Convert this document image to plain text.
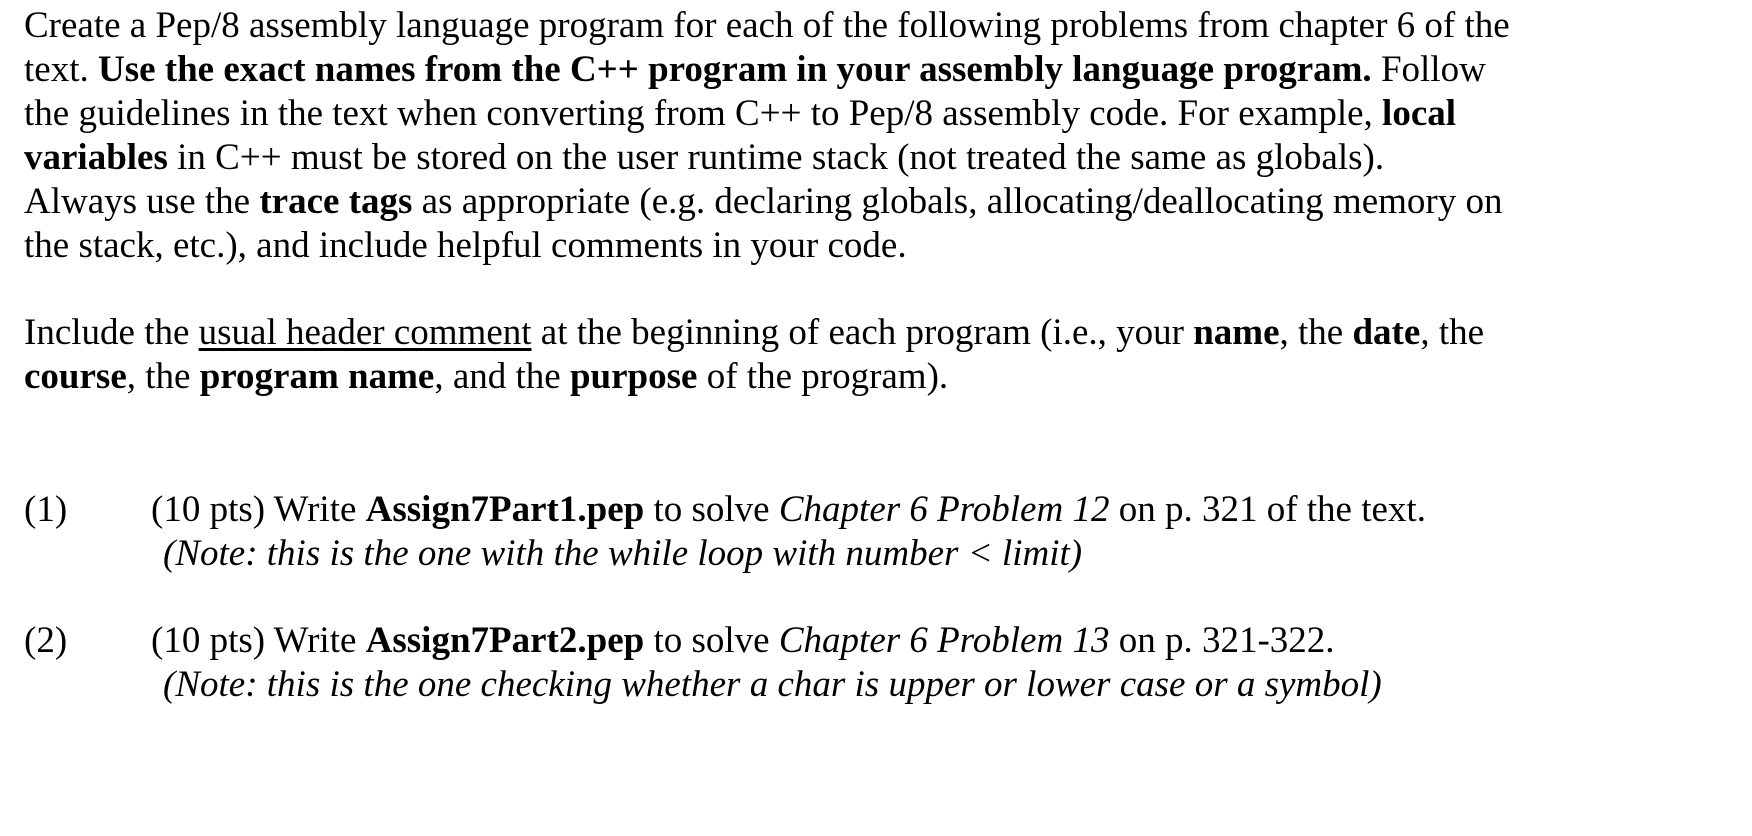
Create a Pep/8 assembly language program for each of the following problems from chapter 6 of the
text. Use the exact names from the C++ program in your assembly language program. Follow
the guidelines in the text when converting from C++ to Pep/8 assembly code. For example, local
variables in C++ must be stored on the user runtime stack (not treated the same as globals).
Always use the trace tags as appropriate (e.g. declaring globals, allocating/deallocating memory on
the stack, etc.), and include helpful comments in your code.
Include the usual header comment at the beginning of each program (i.e., your name, the date, the
course, the program name, and the purpose of the program).
(1) (10 pts) Write Assign7Part1.pep to solve Chapter 6 Problem 12 on p. 321 of the text.
(Note: this is the one with the while loop with number < limit)
(2) (10 pts) Write Assign7Part2.pep to solve Chapter 6 Problem 13 on p. 321-322.
(Note: this is the one checking whether a char is upper or lower case or a symbol)
